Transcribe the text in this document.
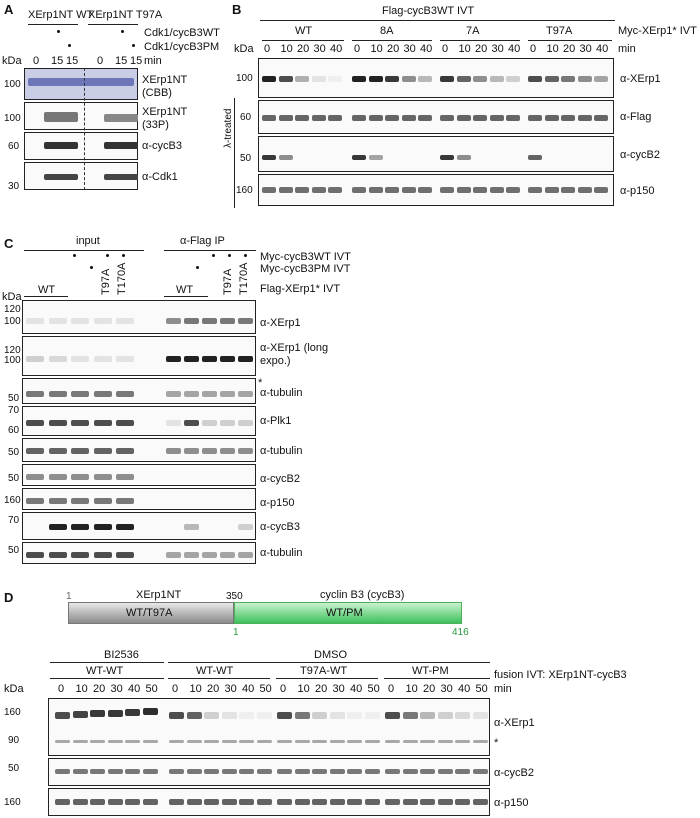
A XErp1NT WT
XErp1NT T97A
Cdk1/cycB3WT
Cdk1/cycB3PM
kDa 0 15 15 0 15 15 min
100
100
60
30
XErp1NT (CBB)
XErp1NT (33P)
α-cycB3
α-Cdk1
B	Flag-cycB3WT IVT
Myc-XErp1* IVT
WT	8A	7A	T97A
kDa	min
0 10 20 30 40 0 10 20 30 40 0 10 20 30 40 0 10 20 30 40
100
60
50
160
λ-treated
α-XErp1
α-Flag
α-cycB2
α-p150
C	input	α-Flag IP
Myc-cycB3WT IVT
Myc-cycB3PM IVT
Flag-XErp1* IVT
WT	WT
T97A T170A	T97A T170A
kDa
120
100
120
100
50
70
60
50
50
160
70
50
α-XErp1
α-XErp1 (long expo.)
*
α-tubulin
α-Plk1
α-tubulin
α-cycB2
α-p150
α-cycB3
α-tubulin
D	XErp1NT	cyclin B3 (cycB3)
1	350
WT/T97A	WT/PM
1	416
BI2536	DMSO
WT-WT	WT-WT	T97A-WT	WT-PM	fusion IVT: XErp1NT-cycB3
min
kDa	0 10 20 30 40 50 0 10 20 30 40 50 0 10 20 30 40 50 0 10 20 30 40 50
160
90
50
160
α-XErp1
*
α-cycB2
α-p150
